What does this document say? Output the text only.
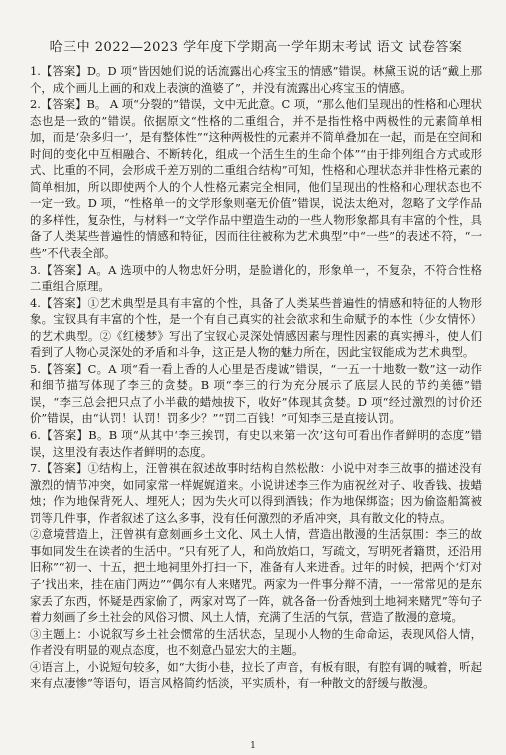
哈三中 2022—2023 学年度下学期高一学年期末考试 语文 试卷答案

1.【答案】D。D 项“皆因她们说的话流露出心疼宝玉的情感”错误。林黛玉说的话“戴上那个，成个画儿上画的和戏上表演的渔婆了”，并没有流露出心疼宝玉的情感。

2.【答案】B。 A 项“分裂的”错误，文中无此意。C 项，“那么他们呈现出的性格和心理状态也是一致的”错误。依据原文“性格的二重组合，并不是指性格中两极性的元素简单相加，而是‘杂多归一’，是有整体性”“这种两极性的元素并不简单叠加在一起，而是在空间和时间的变化中互相融合、不断转化，组成一个活生生的生命个体”“由于排列组合方式或形式、比重的不同，会形成千差万别的二重组合结构”可知，性格和心理状态并非性格元素的简单相加，所以即使两个人的个人性格元素完全相同，他们呈现出的性格和心理状态也不一定一致。D 项，“性格单一的文学形象则毫无价值”错误，说法太绝对，忽略了文学作品的多样性，复杂性，与材料一“文学作品中塑造生动的一些人物形象都具有丰富的个性，具备了人类某些普遍性的情感和特征，因而往往被称为艺术典型”中“一些”的表述不符，“一些”不代表全部。

3.【答案】A。A 选项中的人物忠奸分明，是脸谱化的，形象单一，不复杂，不符合性格二重组合原理。

4.【答案】①艺术典型是具有丰富的个性，具备了人类某些普遍性的情感和特征的人物形象。宝钗具有丰富的个性，是一个有自己真实的社会欲求和生命赋予的本性（少女情怀）的艺术典型。②《红楼梦》写出了宝钗心灵深处情感因素与理性因素的真实搏斗，使人们看到了人物心灵深处的矛盾和斗争，这正是人物的魅力所在，因此宝钗能成为艺术典型。

5.【答案】C。A 项“看一看上香的人心里是否虔诚”错误，“一五一十地数一数”这一动作和细节描写体现了李三的贪婪。B 项“李三的行为充分展示了底层人民的节约美德”错误，“李三总会把只点了小半截的蜡烛拔下，收好”体现其贪婪。D 项“经过激烈的讨价还价”错误，由“认罚！认罚！罚多少？”“罚二百钱！”可知李三是直接认罚。

6.【答案】B。B 项“从其中‘李三挨罚，有史以来第一次’这句可看出作者鲜明的态度”错误，这里没有表达作者鲜明的态度。

7.【答案】①结构上，汪曾祺在叙述故事时结构自然松散：小说中对李三故事的描述没有激烈的情节冲突，如同家常一样娓娓道来。小说讲述李三作为庙祝丝对子、收香钱、拔蜡烛；作为地保背死人、埋死人；因为失火可以得到酒钱；作为地保绑盗；因为偷盗船篙被罚等几件事，作者叙述了这么多事，没有任何激烈的矛盾冲突，具有散文化的特点。

②意境营造上，汪曾祺有意刻画乡土文化、风土人情，营造出散漫的生活氛围：李三的故事如同发生在读者的生活中。“只有死了人，和尚放焰口，写疏文，写明死者籍贯，还沿用旧称”“初一、十五，把土地祠里外打扫一下，准备有人来进香。过年的时候，把两个‘灯对子’找出来，挂在庙门两边”“偶尔有人来赌咒。两家为一件事分辩不清，一一常常见的是东家丢了东西，怀疑是西家偷了，两家对骂了一阵，就各备一份香烛到土地祠来赌咒”等句子着力刻画了乡土社会的风俗习惯、风土人情，充满了生活的气氛，营造了散漫的意境。

③主题上：小说叙写乡土社会惯常的生活状态，呈现小人物的生命命运，表现风俗人情，作者没有明显的观点态度，也不刻意凸显宏大的主题。

④语言上，小说短句较多，如“大街小巷，拉长了声音，有板有眼，有腔有调的喊着，听起来有点凄惨”等语句，语言风格简约恬淡，平实质朴，有一种散文的舒缓与散漫。

1
